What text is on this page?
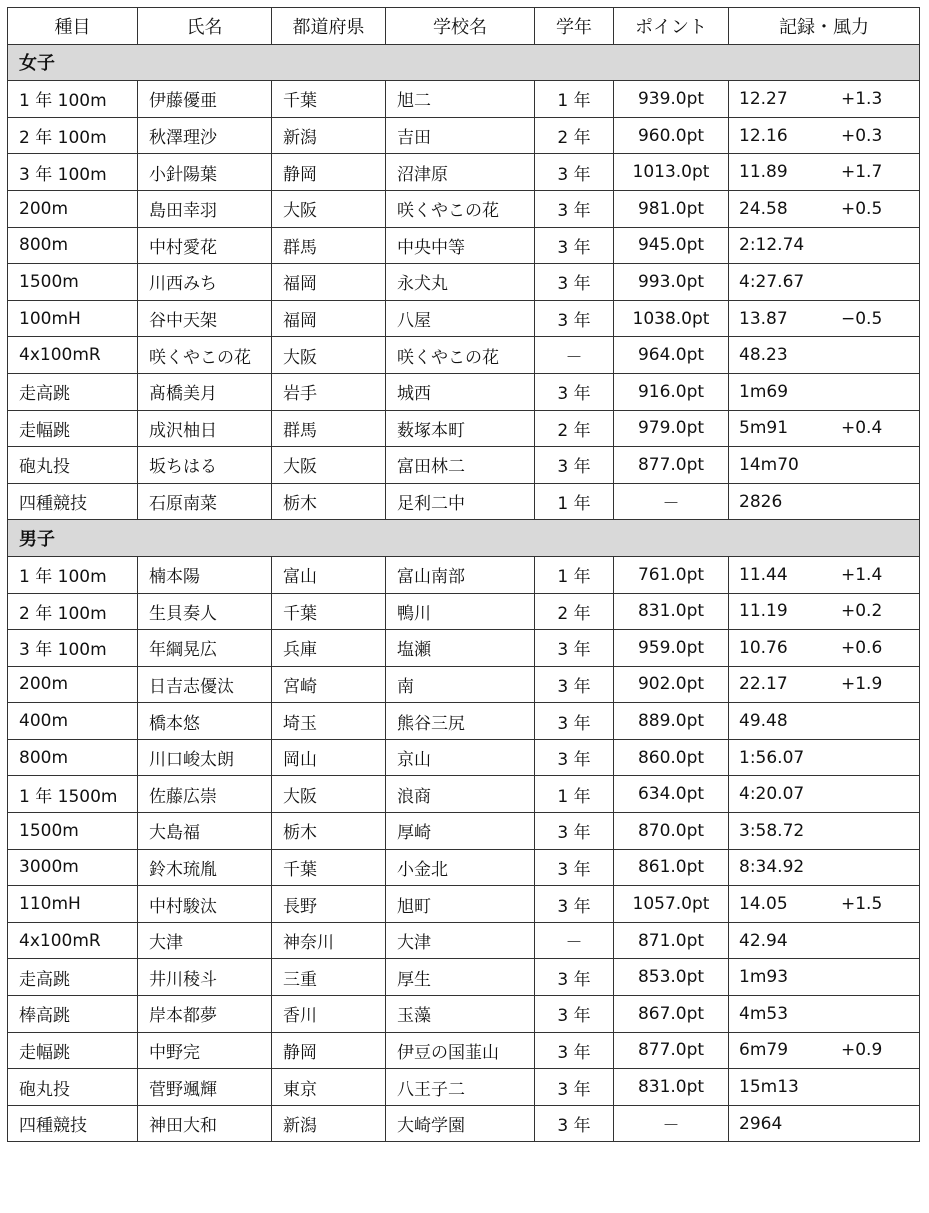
種目	氏名	都道府県	学校名	学年	ポイント	記録・風力
女子						
1 年 100m	伊藤優亜	千葉	旭二	1 年	939.0pt	12.27 +1.3
2 年 100m	秋澤理沙	新潟	吉田	2 年	960.0pt	12.16 +0.3
3 年 100m	小針陽葉	静岡	沼津原	3 年	1013.0pt	11.89 +1.7
200m	島田幸羽	大阪	咲くやこの花	3 年	981.0pt	24.58 +0.5
800m	中村愛花	群馬	中央中等	3 年	945.0pt	2:12.74
1500m	川西みち	福岡	永犬丸	3 年	993.0pt	4:27.67
100mH	谷中天架	福岡	八屋	3 年	1038.0pt	13.87 −0.5
4x100mR	咲くやこの花	大阪	咲くやこの花	－	964.0pt	48.23
走高跳	髙橋美月	岩手	城西	3 年	916.0pt	1m69
走幅跳	成沢柚日	群馬	薮塚本町	2 年	979.0pt	5m91 +0.4
砲丸投	坂ちはる	大阪	富田林二	3 年	877.0pt	14m70
四種競技	石原南菜	栃木	足利二中	1 年	－	2826
男子						
1 年 100m	楠本陽	富山	富山南部	1 年	761.0pt	11.44 +1.4
2 年 100m	生貝奏人	千葉	鴨川	2 年	831.0pt	11.19 +0.2
3 年 100m	年綱晃広	兵庫	塩瀬	3 年	959.0pt	10.76 +0.6
200m	日吉志優汰	宮崎	南	3 年	902.0pt	22.17 +1.9
400m	橋本悠	埼玉	熊谷三尻	3 年	889.0pt	49.48
800m	川口峻太朗	岡山	京山	3 年	860.0pt	1:56.07
1 年 1500m	佐藤広崇	大阪	浪商	1 年	634.0pt	4:20.07
1500m	大島福	栃木	厚崎	3 年	870.0pt	3:58.72
3000m	鈴木琉胤	千葉	小金北	3 年	861.0pt	8:34.92
110mH	中村駿汰	長野	旭町	3 年	1057.0pt	14.05 +1.5
4x100mR	大津	神奈川	大津	－	871.0pt	42.94
走高跳	井川稜斗	三重	厚生	3 年	853.0pt	1m93
棒高跳	岸本都夢	香川	玉藻	3 年	867.0pt	4m53
走幅跳	中野完	静岡	伊豆の国韮山	3 年	877.0pt	6m79 +0.9
砲丸投	菅野颯輝	東京	八王子二	3 年	831.0pt	15m13
四種競技	神田大和	新潟	大崎学園	3 年	－	2964
